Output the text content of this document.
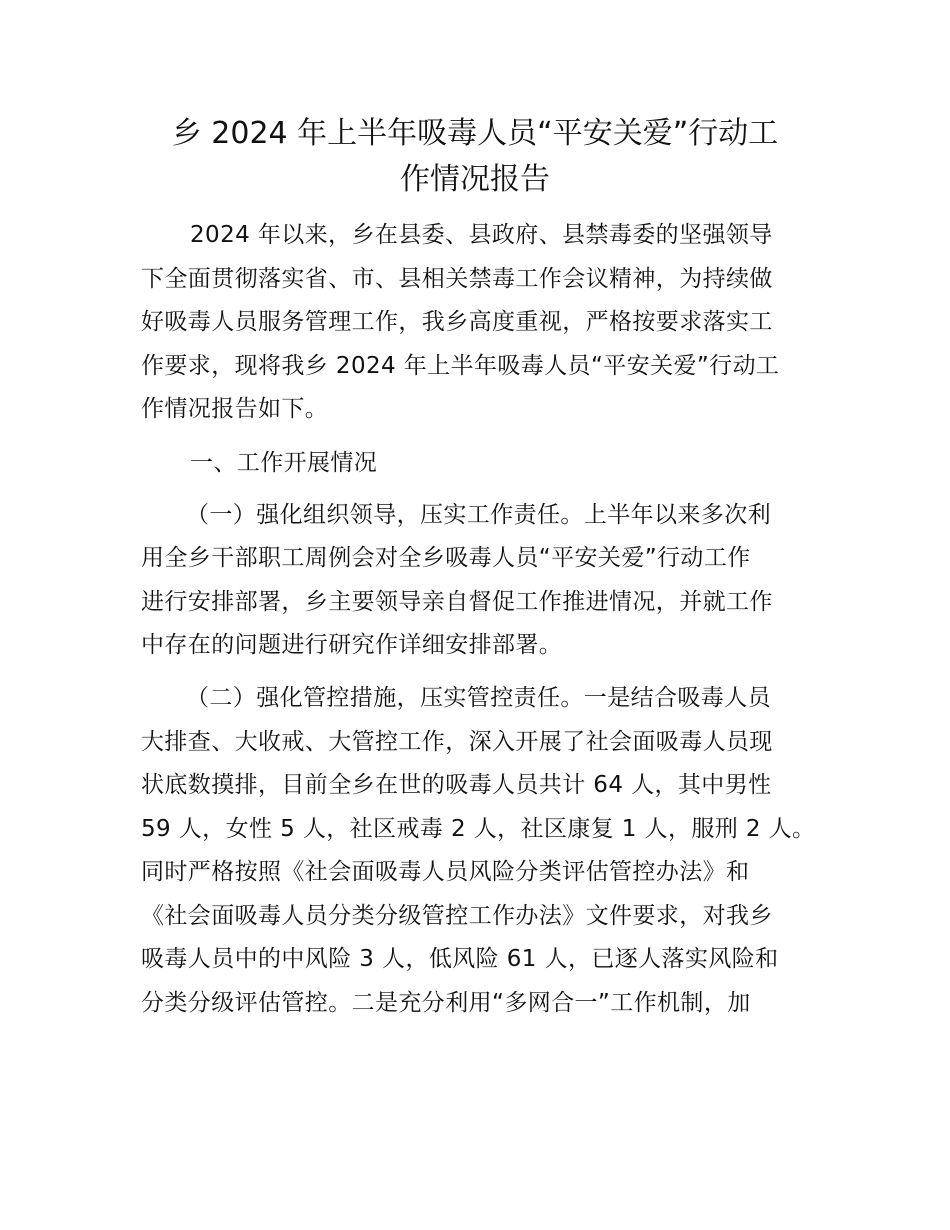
乡 2024 年上半年吸毒人员“平安关爱”行动工
作情况报告

2024 年以来，乡在县委、县政府、县禁毒委的坚强领导

下全面贯彻落实省、市、县相关禁毒工作会议精神，为持续做

好吸毒人员服务管理工作，我乡高度重视，严格按要求落实工

作要求，现将我乡 2024 年上半年吸毒人员“平安关爱”行动工

作情况报告如下。

一、工作开展情况

（一）强化组织领导，压实工作责任。上半年以来多次利

用全乡干部职工周例会对全乡吸毒人员“平安关爱”行动工作

进行安排部署，乡主要领导亲自督促工作推进情况，并就工作

中存在的问题进行研究作详细安排部署。

（二）强化管控措施，压实管控责任。一是结合吸毒人员

大排查、大收戒、大管控工作，深入开展了社会面吸毒人员现

状底数摸排，目前全乡在世的吸毒人员共计 64 人，其中男性

59 人，女性 5 人，社区戒毒 2 人，社区康复 1 人，服刑 2 人。

同时严格按照《社会面吸毒人员风险分类评估管控办法》和

《社会面吸毒人员分类分级管控工作办法》文件要求，对我乡

吸毒人员中的中风险 3 人，低风险 61 人，已逐人落实风险和

分类分级评估管控。二是充分利用“多网合一”工作机制，加
